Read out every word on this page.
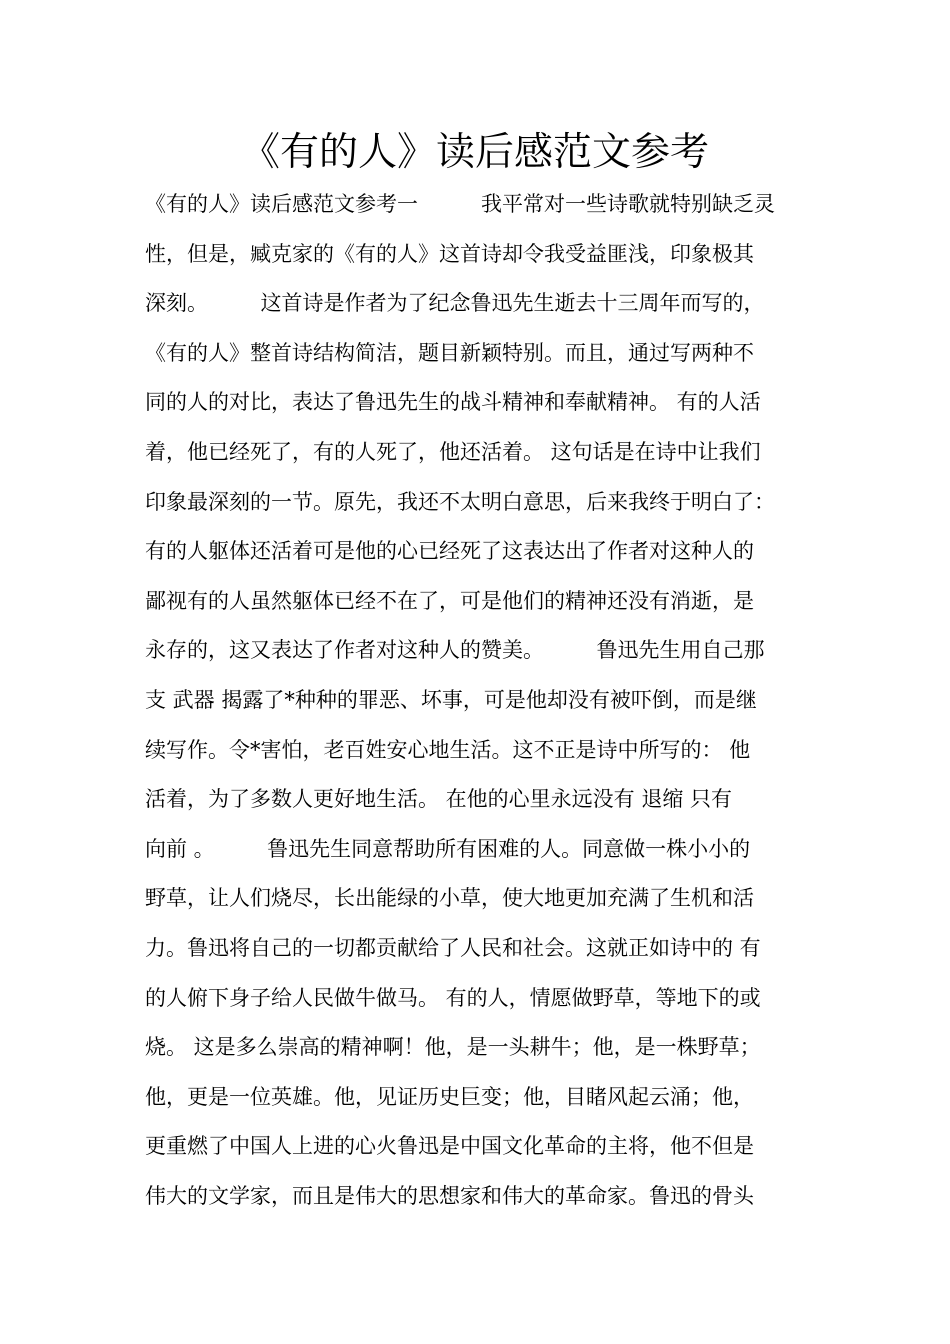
《有的人》读后感范文参考
《有的人》读后感范文参考一　　　我平常对一些诗歌就特别缺乏灵
性，但是，臧克家的《有的人》这首诗却令我受益匪浅，印象极其
深刻。　　　这首诗是作者为了纪念鲁迅先生逝去十三周年而写的，
《有的人》整首诗结构简洁，题目新颖特别。而且，通过写两种不
同的人的对比，表达了鲁迅先生的战斗精神和奉献精神。 有的人活
着，他已经死了，有的人死了，他还活着。 这句话是在诗中让我们
印象最深刻的一节。原先，我还不太明白意思，后来我终于明白了：
有的人躯体还活着可是他的心已经死了这表达出了作者对这种人的
鄙视有的人虽然躯体已经不在了，可是他们的精神还没有消逝，是
永存的，这又表达了作者对这种人的赞美。　　　鲁迅先生用自己那
支 武器 揭露了*种种的罪恶、坏事，可是他却没有被吓倒，而是继
续写作。令*害怕，老百姓安心地生活。这不正是诗中所写的： 他
活着，为了多数人更好地生活。 在他的心里永远没有 退缩 只有
向前 。　　　鲁迅先生同意帮助所有困难的人。同意做一株小小的
野草，让人们烧尽，长出能绿的小草，使大地更加充满了生机和活
力。鲁迅将自己的一切都贡献给了人民和社会。这就正如诗中的 有
的人俯下身子给人民做牛做马。 有的人，情愿做野草，等地下的或
烧。 这是多么崇高的精神啊！他，是一头耕牛；他，是一株野草；
他，更是一位英雄。他，见证历史巨变；他，目睹风起云涌；他，
更重燃了中国人上进的心火鲁迅是中国文化革命的主将，他不但是
伟大的文学家，而且是伟大的思想家和伟大的革命家。鲁迅的骨头
